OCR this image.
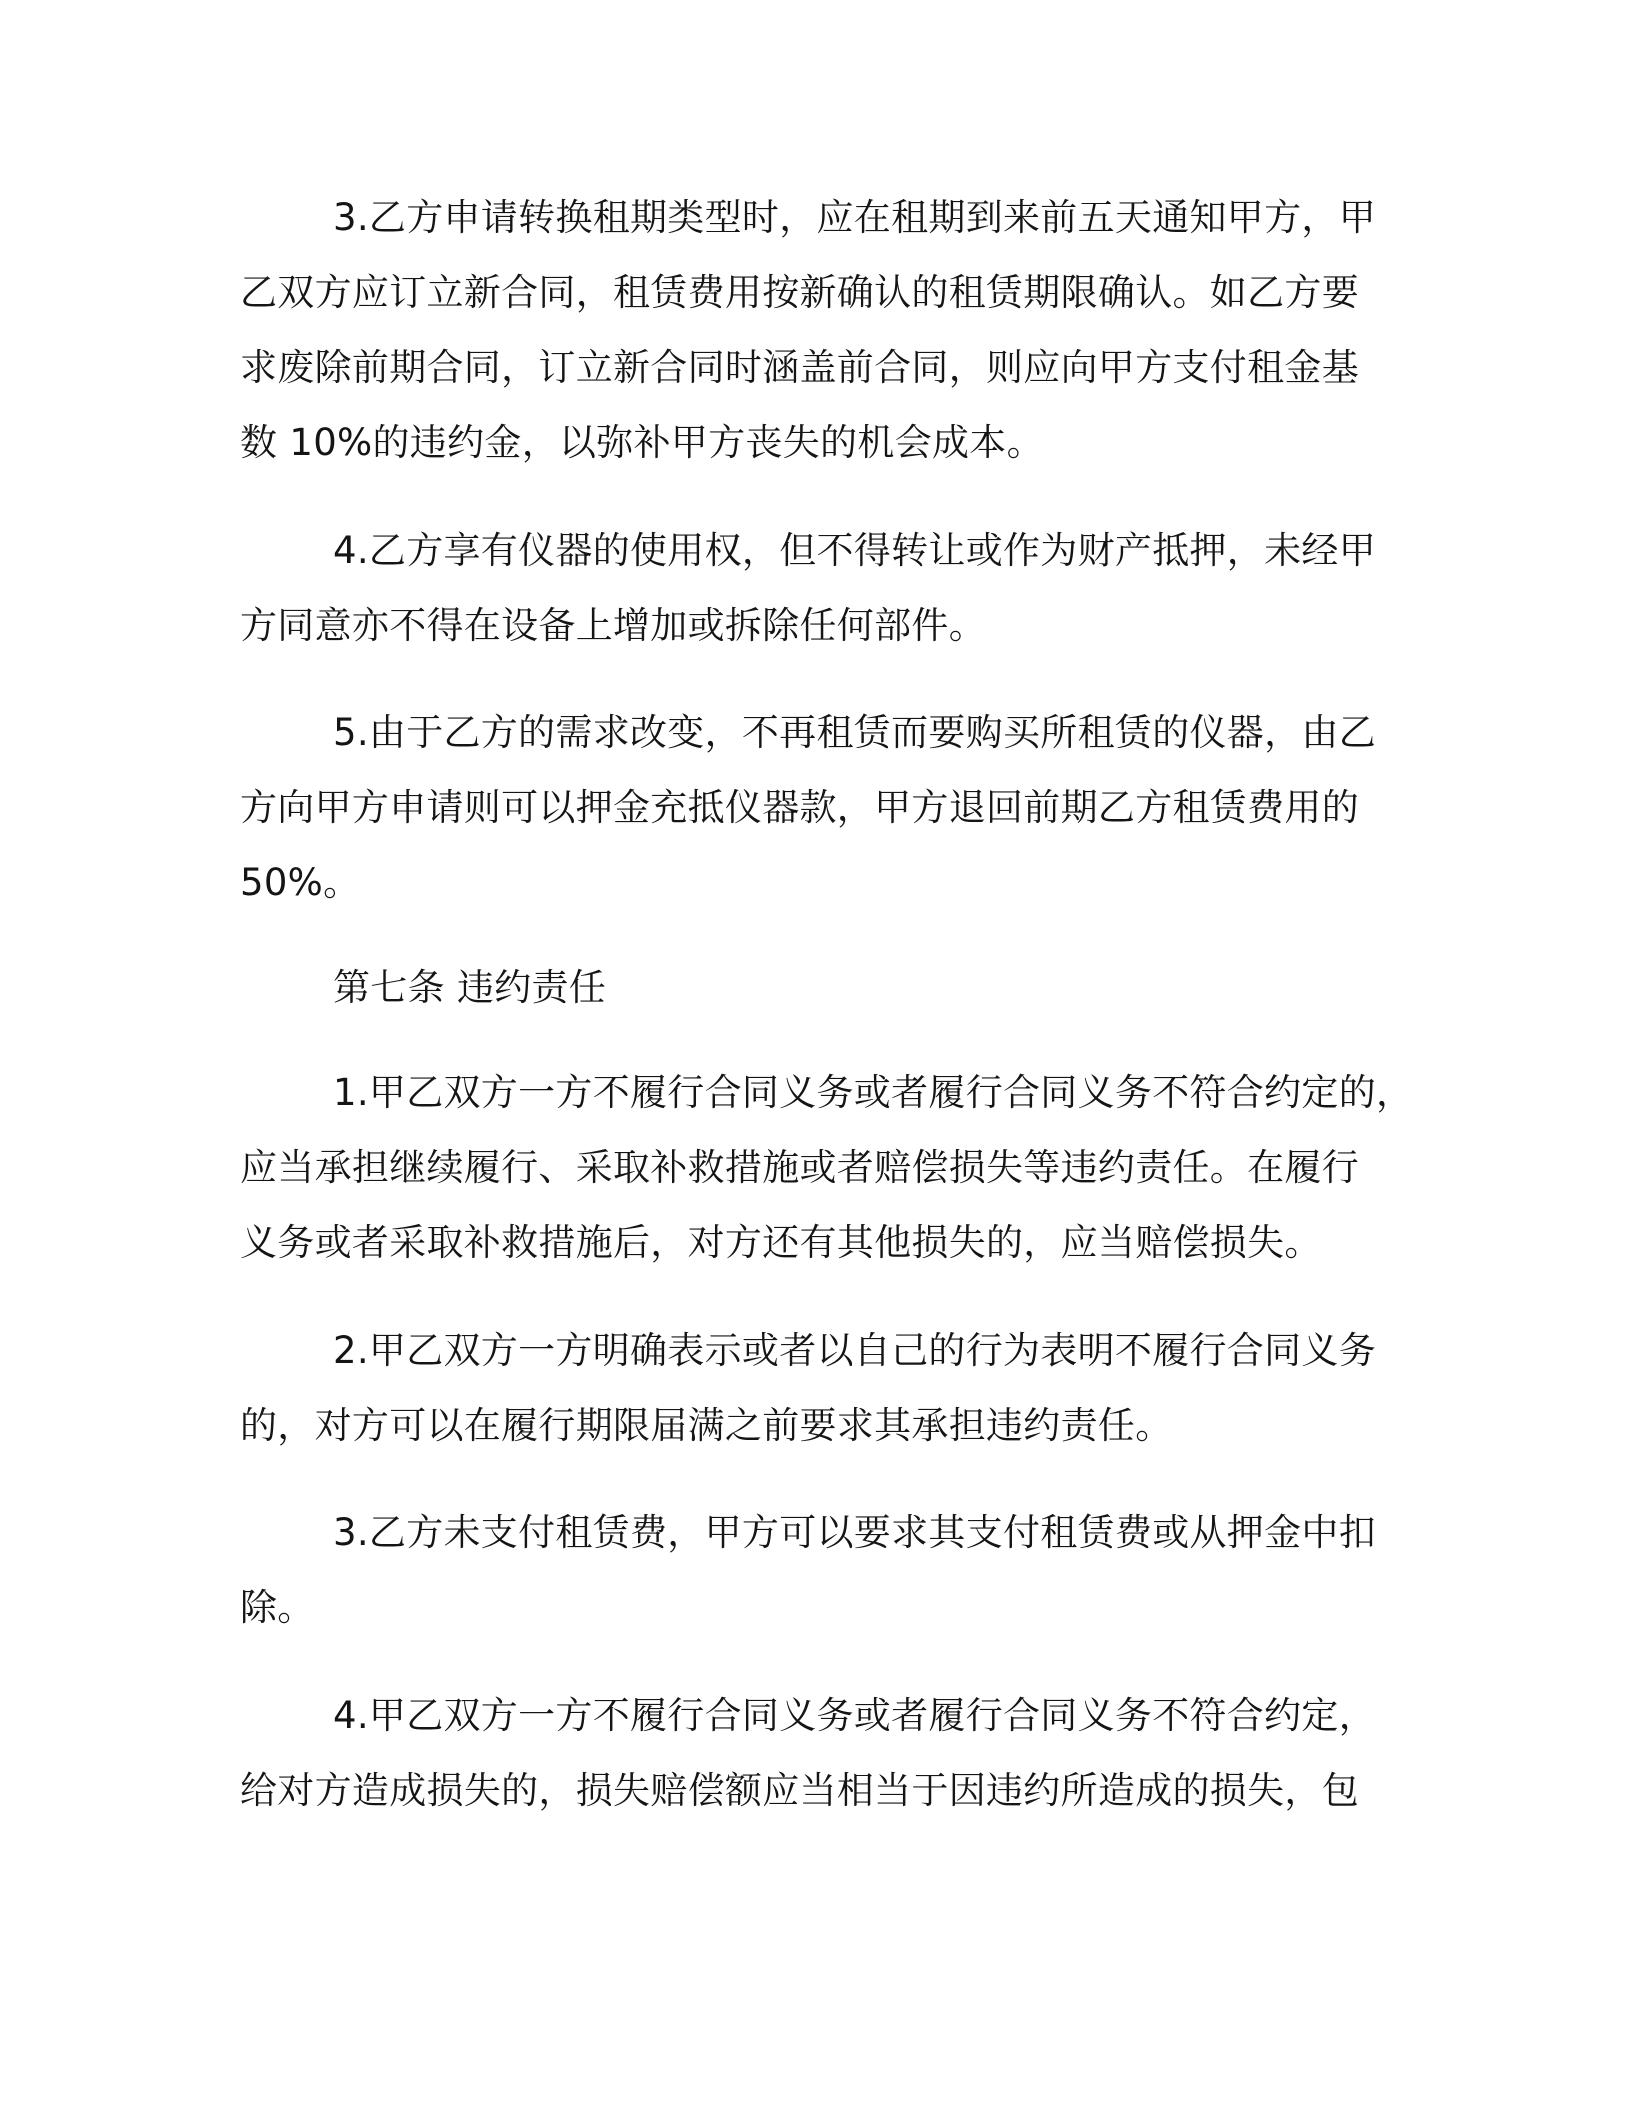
3.乙方申请转换租期类型时，应在租期到来前五天通知甲方，甲
乙双方应订立新合同，租赁费用按新确认的租赁期限确认。如乙方要
求废除前期合同，订立新合同时涵盖前合同，则应向甲方支付租金基
数 10%的违约金，以弥补甲方丧失的机会成本。
4.乙方享有仪器的使用权，但不得转让或作为财产抵押，未经甲
方同意亦不得在设备上增加或拆除任何部件。
5.由于乙方的需求改变，不再租赁而要购买所租赁的仪器，由乙
方向甲方申请则可以押金充抵仪器款，甲方退回前期乙方租赁费用的
50%。
第七条 违约责任
1.甲乙双方一方不履行合同义务或者履行合同义务不符合约定的，
应当承担继续履行、采取补救措施或者赔偿损失等违约责任。在履行
义务或者采取补救措施后，对方还有其他损失的，应当赔偿损失。
2.甲乙双方一方明确表示或者以自己的行为表明不履行合同义务
的，对方可以在履行期限届满之前要求其承担违约责任。
3.乙方未支付租赁费，甲方可以要求其支付租赁费或从押金中扣
除。
4.甲乙双方一方不履行合同义务或者履行合同义务不符合约定，
给对方造成损失的，损失赔偿额应当相当于因违约所造成的损失，包
